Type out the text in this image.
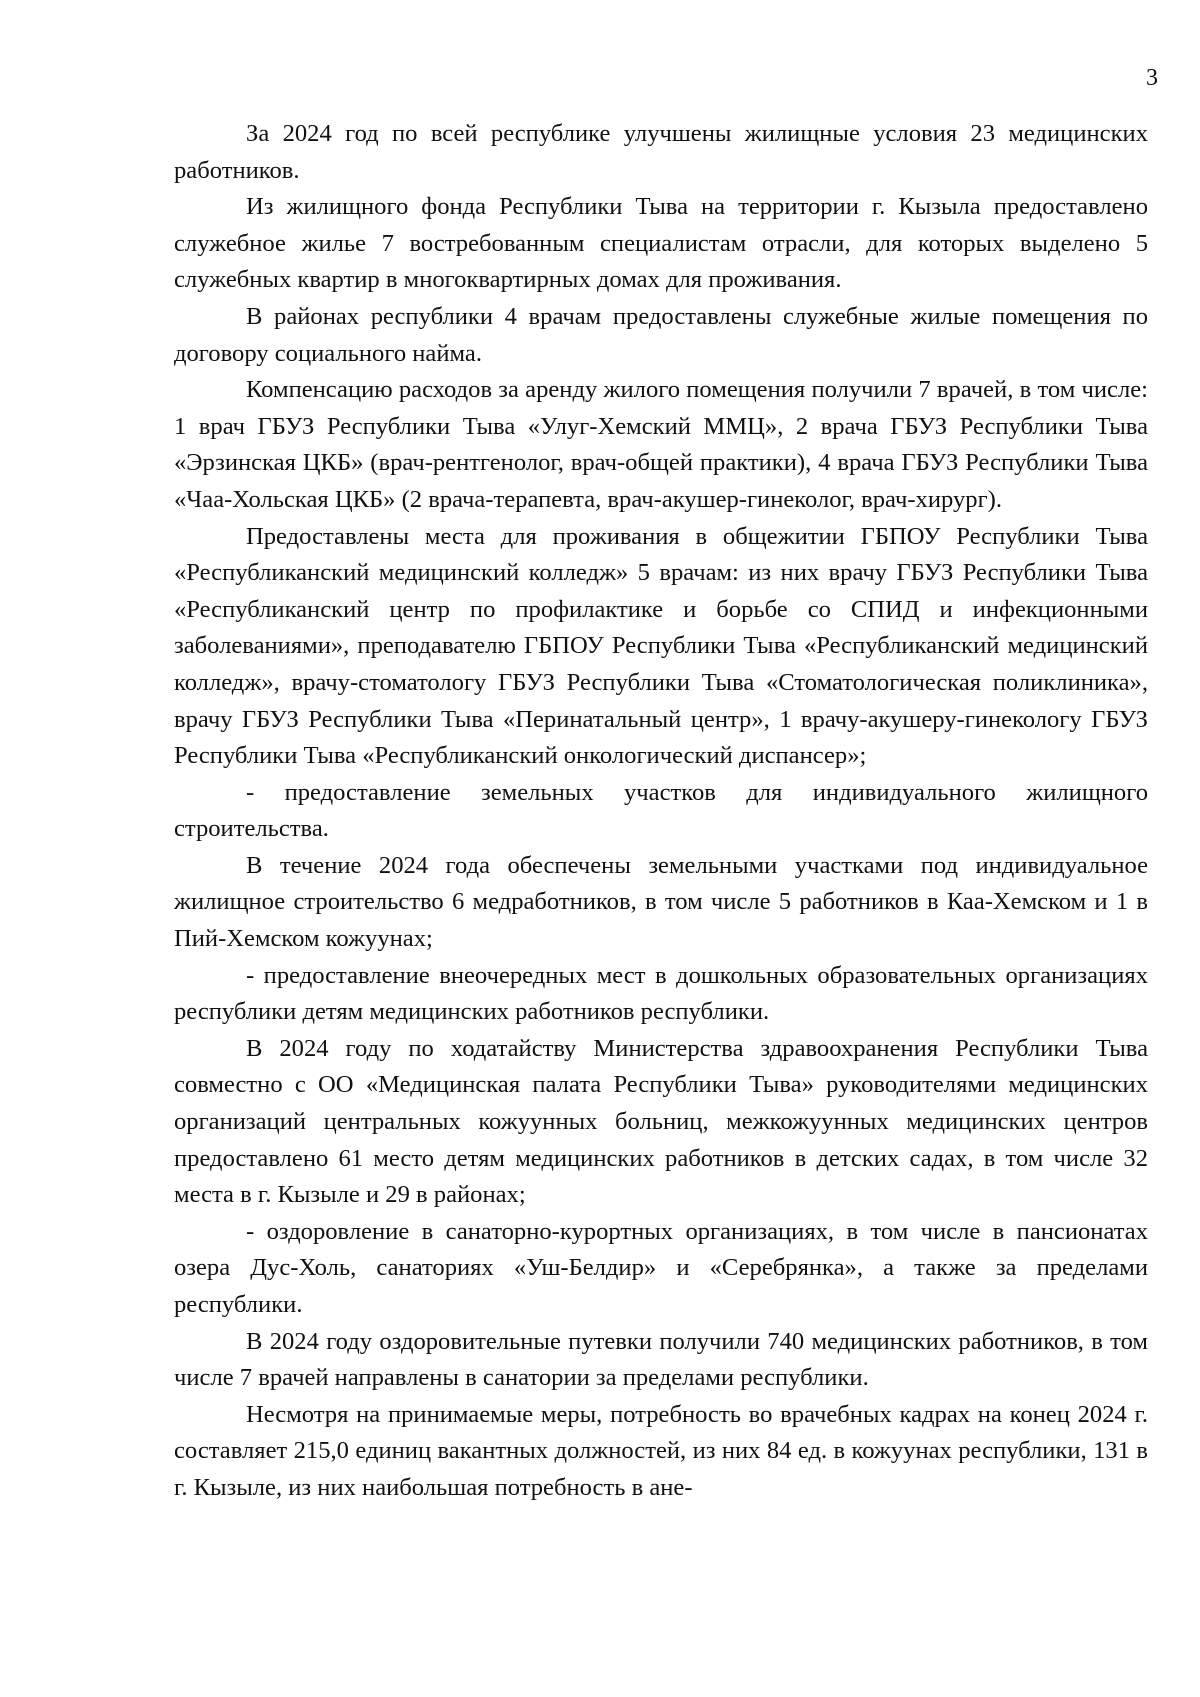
3

За 2024 год по всей республике улучшены жилищные условия 23 медицинских работников.

Из жилищного фонда Республики Тыва на территории г. Кызыла предоставлено служебное жилье 7 востребованным специалистам отрасли, для которых выделено 5 служебных квартир в многоквартирных домах для проживания.

В районах республики 4 врачам предоставлены служебные жилые помещения по договору социального найма.

Компенсацию расходов за аренду жилого помещения получили 7 врачей, в том числе: 1 врач ГБУЗ Республики Тыва «Улуг-Хемский ММЦ», 2 врача ГБУЗ Республики Тыва «Эрзинская ЦКБ» (врач-рентгенолог, врач-общей практики), 4 врача ГБУЗ Республики Тыва «Чаа-Хольская ЦКБ» (2 врача-терапевта, врач-акушер-гинеколог, врач-хирург).

Предоставлены места для проживания в общежитии ГБПОУ Республики Тыва «Республиканский медицинский колледж» 5 врачам: из них врачу ГБУЗ Республики Тыва «Республиканский центр по профилактике и борьбе со СПИД и инфекционными заболеваниями», преподавателю ГБПОУ Республики Тыва «Республиканский медицинский колледж», врачу-стоматологу ГБУЗ Республики Тыва «Стоматологическая поликлиника», врачу ГБУЗ Республики Тыва «Перинатальный центр», 1 врачу-акушеру-гинекологу ГБУЗ Республики Тыва «Республиканский онкологический диспансер»;

- предоставление земельных участков для индивидуального жилищного строительства.

В течение 2024 года обеспечены земельными участками под индивидуальное жилищное строительство 6 медработников, в том числе 5 работников в Каа-Хемском и 1 в Пий-Хемском кожуунах;

- предоставление внеочередных мест в дошкольных образовательных организациях республики детям медицинских работников республики.

В 2024 году по ходатайству Министерства здравоохранения Республики Тыва совместно с ОО «Медицинская палата Республики Тыва» руководителями медицинских организаций центральных кожуунных больниц, межкожуунных медицинских центров предоставлено 61 место детям медицинских работников в детских садах, в том числе 32 места в г. Кызыле и 29 в районах;

- оздоровление в санаторно-курортных организациях, в том числе в пансионатах озера Дус-Холь, санаториях «Уш-Белдир» и «Серебрянка», а также за пределами республики.

В 2024 году оздоровительные путевки получили 740 медицинских работников, в том числе 7 врачей направлены в санатории за пределами республики.

Несмотря на принимаемые меры, потребность во врачебных кадрах на конец 2024 г. составляет 215,0 единиц вакантных должностей, из них 84 ед. в кожуунах республики, 131 в г. Кызыле, из них наибольшая потребность в ане-
